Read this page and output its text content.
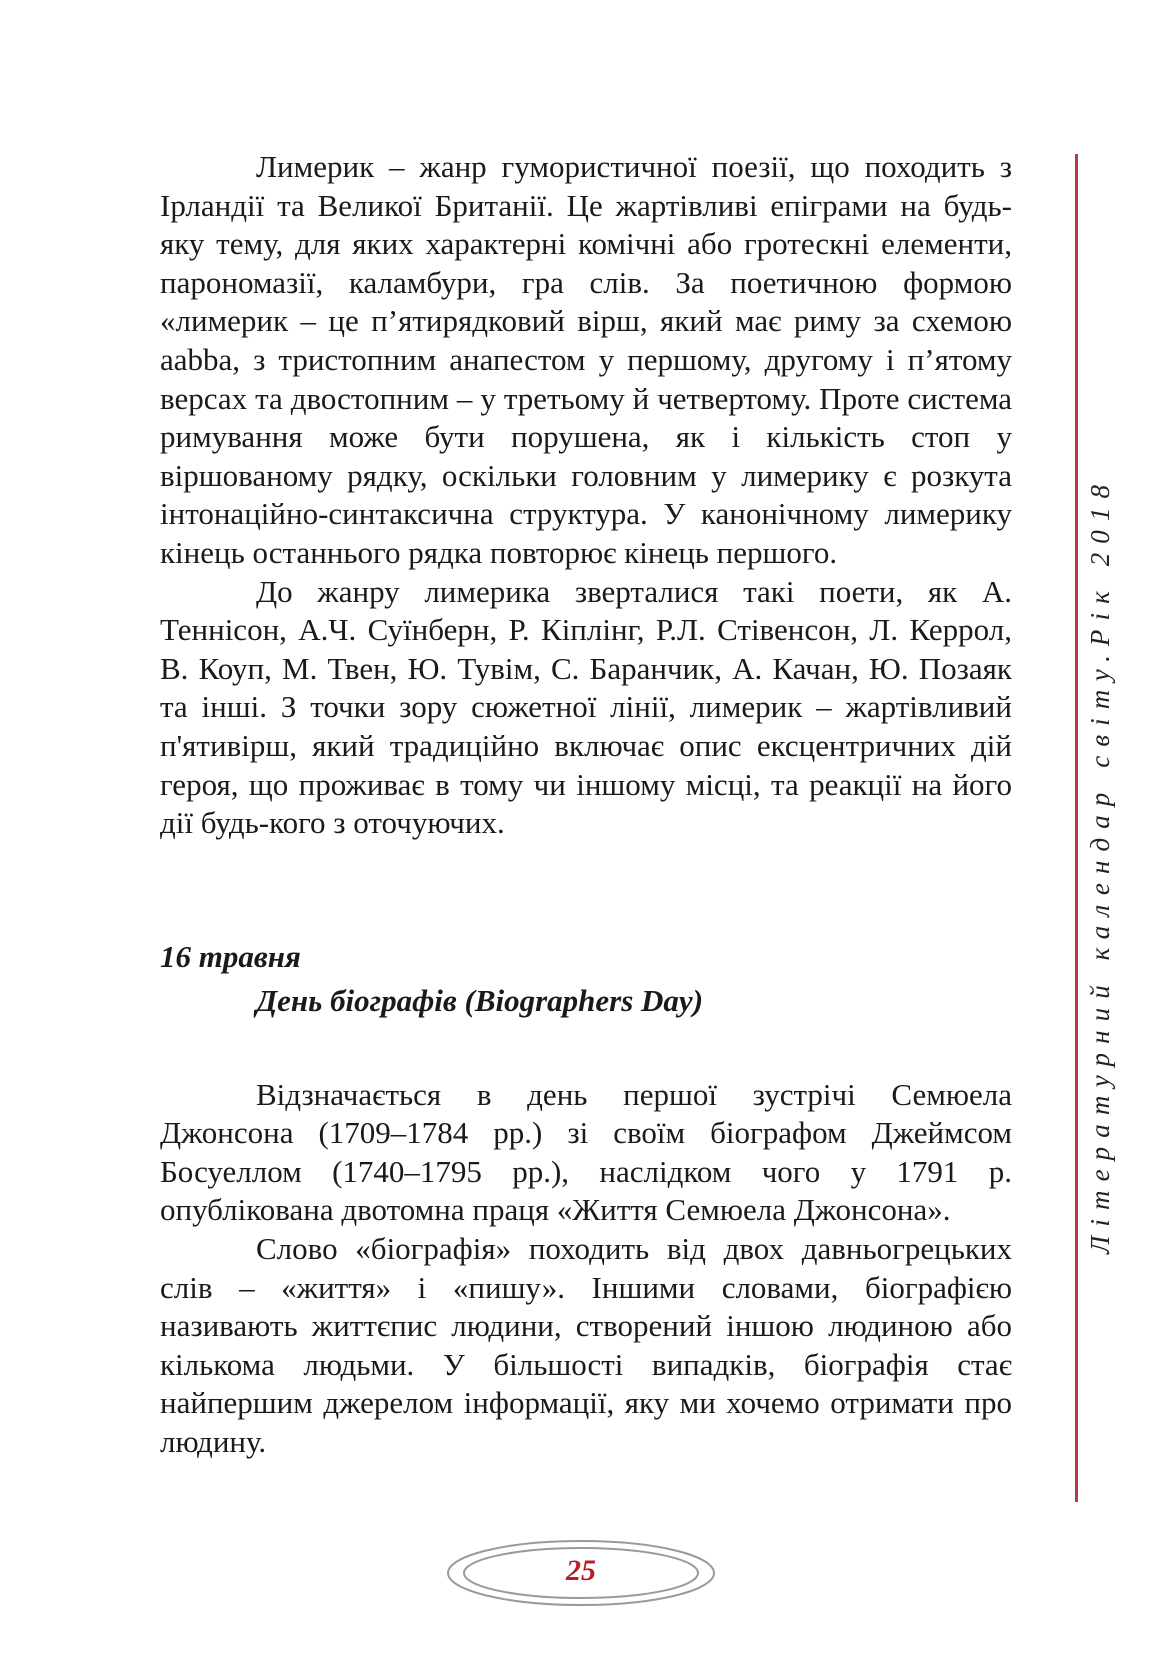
Лимерик – жанр гумористичної поезії, що походить з Ірландії та Великої Британії. Це жартівливі епіграми на будь-яку тему, для яких характерні комічні або гротескні елементи, парономазії, каламбури, гра слів. За поетичною формою «лимерик – це п’ятирядковий вірш, який має риму за схемою aabba, з тристопним анапестом у першому, другому і п’ятому версах та двостопним – у третьому й четвертому. Проте система римування може бути порушена, як і кількість стоп у віршованому рядку, оскільки головним у лимерику є розкута інтонаційно-синтаксична структура. У канонічному лимерику кінець останнього рядка повторює кінець першого.

До жанру лимерика зверталися такі поети, як А. Теннісон, А.Ч. Суїнберн, Р. Кіплінг, Р.Л. Стівенсон, Л. Керрол, В. Коуп, М. Твен, Ю. Тувім, С. Баранчик, А. Качан, Ю. Позаяк та інші. З точки зору сюжетної лінії, лимерик – жартівливий п'ятивірш, який традиційно включає опис ексцентричних дій героя, що проживає в тому чи іншому місці, та реакції на його дії будь-кого з оточуючих.

16 травня
День біографів (Biographers Day)

Відзначається в день першої зустрічі Семюела Джонсона (1709–1784 рр.) зі своїм біографом Джеймсом Босуеллом (1740–1795 рр.), наслідком чого у 1791 р. опублікована двотомна праця «Життя Семюела Джонсона».

Слово «біографія» походить від двох давньогрецьких слів – «життя» і «пишу». Іншими словами, біографією називають життєпис людини, створений іншою людиною або кількома людьми. У більшості випадків, біографія стає найпершим джерелом інформації, яку ми хочемо отримати про людину.

Літературний календар світу.Рік 2018
25
